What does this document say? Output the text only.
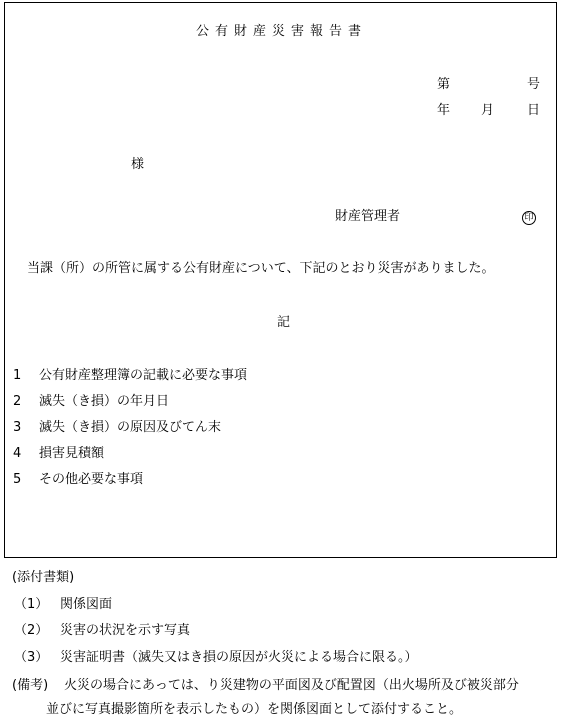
公有財産災害報告書
第	号
年 月	日
様
財産管理者	印
当課（所）の所管に属する公有財産について、下記のとおり災害がありました。
記
1 公有財産整理簿の記載に必要な事項
2 滅失（き損）の年月日
3 滅失（き損）の原因及びてん末
4 損害見積額
5 その他必要な事項
(添付書類)
（1） 関係図面
（2） 災害の状況を示す写真
（3） 災害証明書（滅失又はき損の原因が火災による場合に限る。）
(備考) 火災の場合にあっては、り災建物の平面図及び配置図（出火場所及び被災部分
並びに写真撮影箇所を表示したもの）を関係図面として添付すること。
